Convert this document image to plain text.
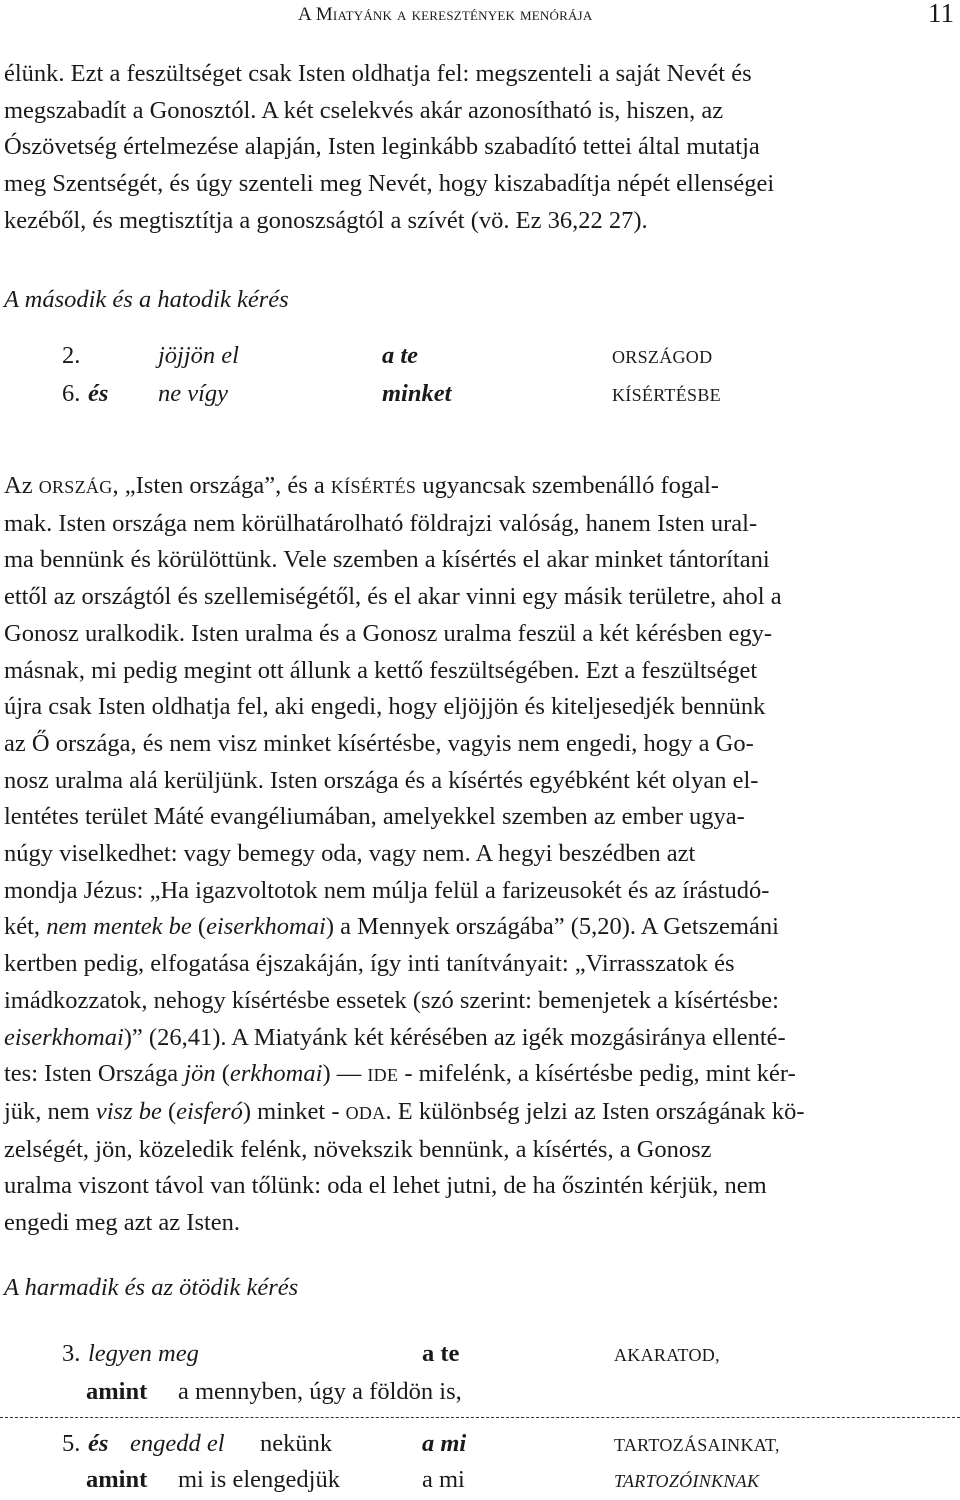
A Miatyánk a keresztények menórája	11
élünk. Ezt a feszültséget csak Isten oldhatja fel: megszenteli a saját Nevét és
megszabadít a Gonosztól. A két cselekvés akár azonosítható is, hiszen, az
Ószövetség értelmezése alapján, Isten leginkább szabadító tettei által mutatja
meg Szentségét, és úgy szenteli meg Nevét, hogy kiszabadítja népét ellenségei
kezéből, és megtisztítja a gonoszságtól a szívét (vö. Ez 36,22 27).
A második és a hatodik kérés
2.	jöjjön el	a te	ORSZÁGOD
6. és ne vígy	minket	KÍSÉRTÉSBE
Az ORSZÁG, „Isten országa”, és a KÍSÉRTÉS ugyancsak szembenálló fogal-
mak. Isten országa nem körülhatárolható földrajzi valóság, hanem Isten ural-
ma bennünk és körülöttünk. Vele szemben a kísértés el akar minket tántorítani
ettől az országtól és szellemiségétől, és el akar vinni egy másik területre, ahol a
Gonosz uralkodik. Isten uralma és a Gonosz uralma feszül a két kérésben egy-
másnak, mi pedig megint ott állunk a kettő feszültségében. Ezt a feszültséget
újra csak Isten oldhatja fel, aki engedi, hogy eljöjjön és kiteljesedjék bennünk
az Ő országa, és nem visz minket kísértésbe, vagyis nem engedi, hogy a Go-
nosz uralma alá kerüljünk. Isten országa és a kísértés egyébként két olyan el-
lentétes terület Máté evangéliumában, amelyekkel szemben az ember ugya-
núgy viselkedhet: vagy bemegy oda, vagy nem. A hegyi beszédben azt
mondja Jézus: „Ha igazvoltotok nem múlja felül a farizeusokét és az írástudó-
két, nem mentek be (eiserkhomai) a Mennyek országába” (5,20). A Getszemáni
kertben pedig, elfogatása éjszakáján, így inti tanítványait: „Virrasszatok és
imádkozzatok, nehogy kísértésbe essetek (szó szerint: bemenjetek a kísértésbe:
eiserkhomai)” (26,41). A Miatyánk két kérésében az igék mozgásiránya ellenté-
tes: Isten Országa jön (erkhomai) — IDE - mifelénk, a kísértésbe pedig, mint kér-
jük, nem visz be (eisferó) minket - ODA. E különbség jelzi az Isten országának kö-
zelségét, jön, közeledik felénk, növekszik bennünk, a kísértés, a Gonosz
uralma viszont távol van tőlünk: oda el lehet jutni, de ha őszintén kérjük, nem
engedi meg azt az Isten.
A harmadik és az ötödik kérés
3. legyen meg	a te	AKARATOD,
amint a mennyben, úgy a földön is,
5. és engedd el nekünk	a mi	TARTOZÁSAINKAT,
amint mi is elengedjük	a mi	TARTOZÓINKNAK
